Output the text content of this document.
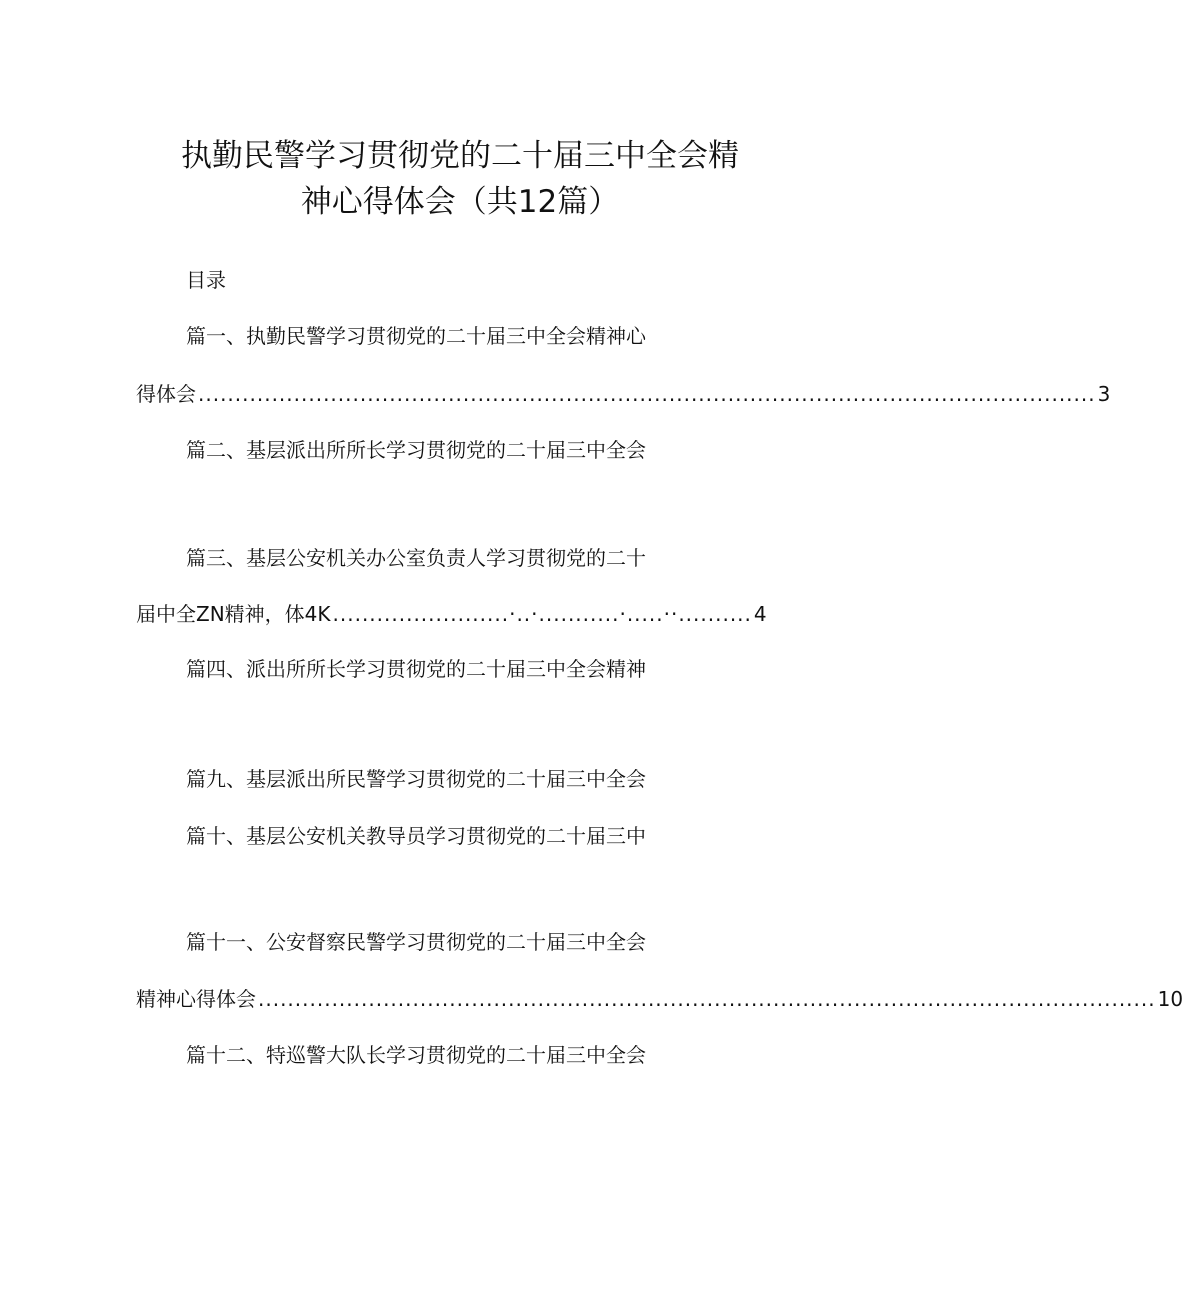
执勤民警学习贯彻党的二十届三中全会精
神心得体会（共12篇）
目录
篇一、执勤民警学习贯彻党的二十届三中全会精神心
得体会 .......................................................................................................................... 3
篇二、基层派出所所长学习贯彻党的二十届三中全会
篇三、基层公安机关办公室负责人学习贯彻党的二十
届中全ZN精神，体4K ........................·..·...........·.....··.......... 4
篇四、派出所所长学习贯彻党的二十届三中全会精神
篇九、基层派出所民警学习贯彻党的二十届三中全会
篇十、基层公安机关教导员学习贯彻党的二十届三中
篇十一、公安督察民警学习贯彻党的二十届三中全会
精神心得体会 .......................................................................................................................... 10
篇十二、特巡警大队长学习贯彻党的二十届三中全会
